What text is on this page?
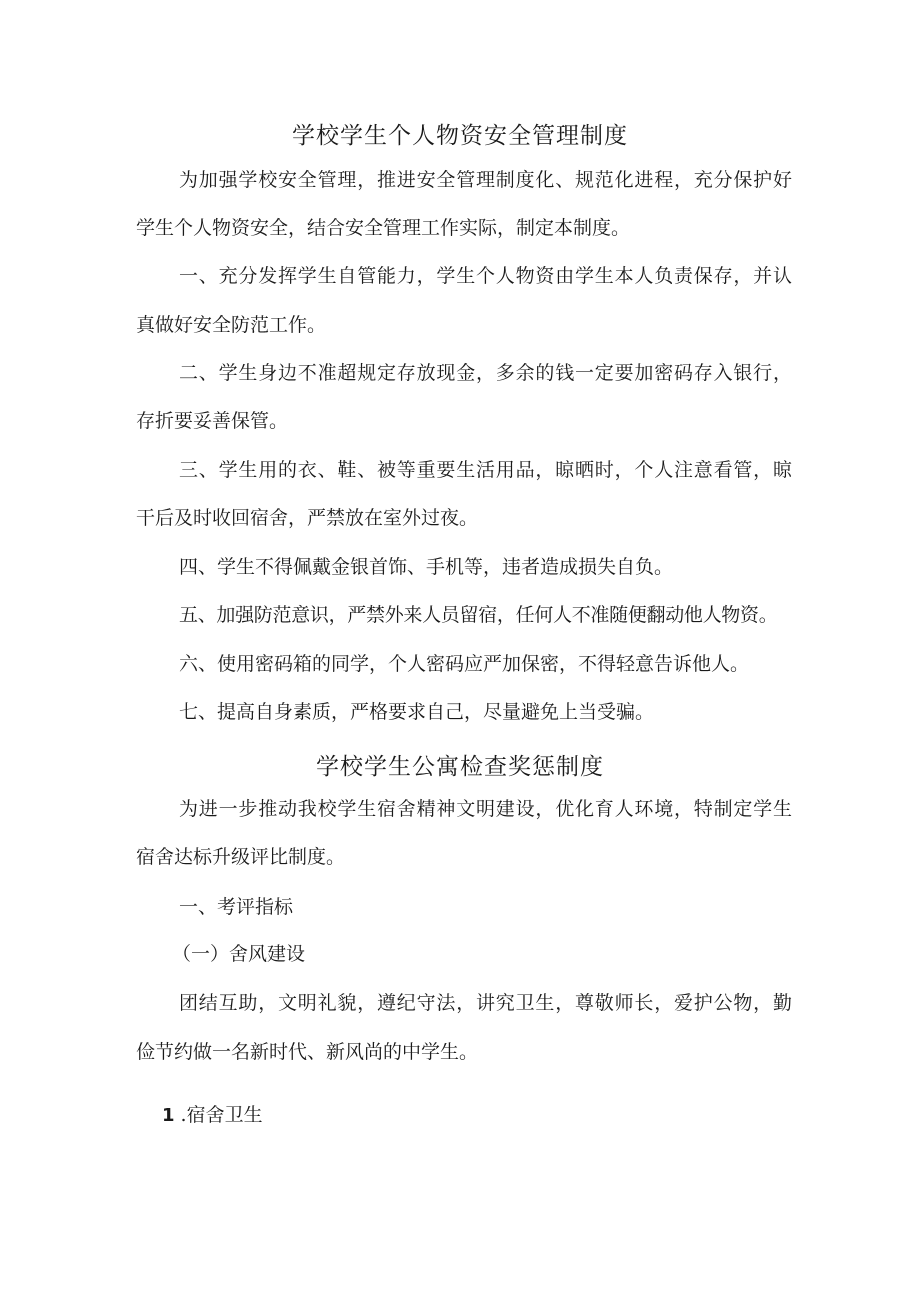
学校学生个人物资安全管理制度
为加强学校安全管理，推进安全管理制度化、规范化进程，充分保护好
学生个人物资安全，结合安全管理工作实际，制定本制度。
一、充分发挥学生自管能力，学生个人物资由学生本人负责保存，并认
真做好安全防范工作。
二、学生身边不准超规定存放现金，多余的钱一定要加密码存入银行，
存折要妥善保管。
三、学生用的衣、鞋、被等重要生活用品，晾晒时，个人注意看管，晾
干后及时收回宿舍，严禁放在室外过夜。
四、学生不得佩戴金银首饰、手机等，违者造成损失自负。
五、加强防范意识，严禁外来人员留宿，任何人不准随便翻动他人物资。
六、使用密码箱的同学，个人密码应严加保密，不得轻意告诉他人。
七、提高自身素质，严格要求自己，尽量避免上当受骗。
学校学生公寓检查奖惩制度
为进一步推动我校学生宿舍精神文明建设，优化育人环境，特制定学生
宿舍达标升级评比制度。
一、考评指标
（一）舍风建设
团结互助，文明礼貌，遵纪守法，讲究卫生，尊敬师长，爱护公物，勤
俭节约做一名新时代、新风尚的中学生。
1 .宿舍卫生
